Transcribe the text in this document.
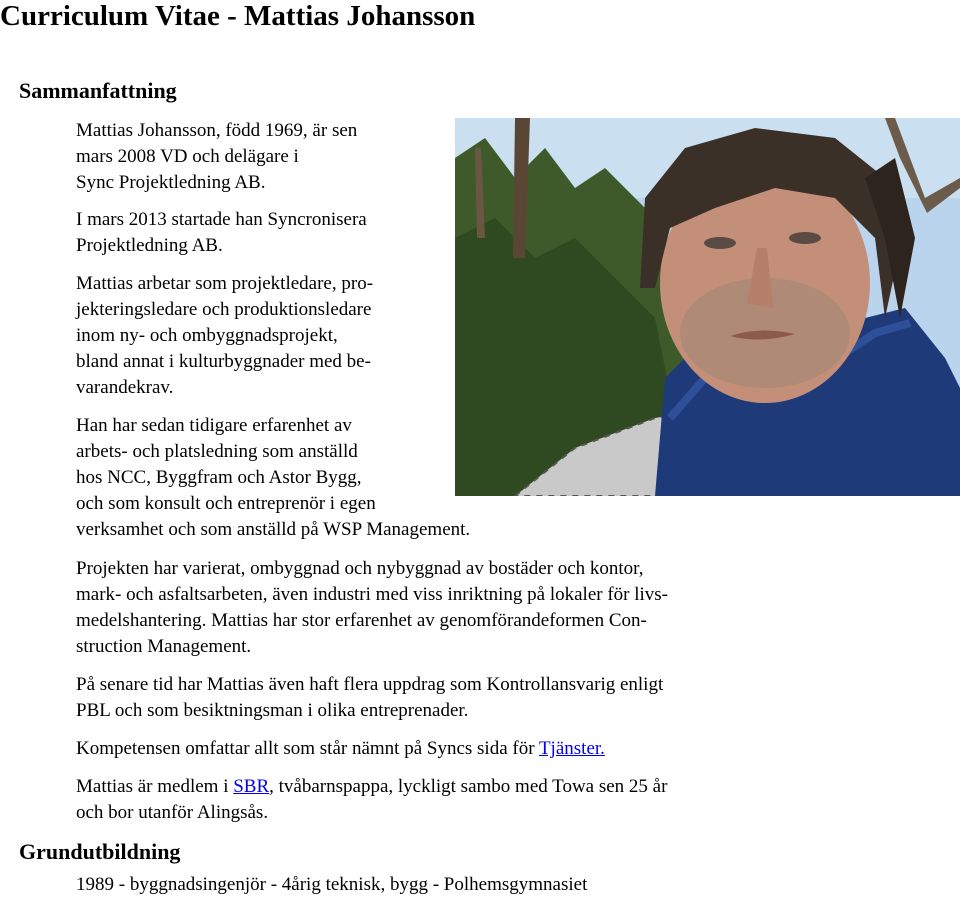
Curriculum Vitae - Mattias Johansson
Sammanfattning

Mattias Johansson, född 1969, är sen

mars 2008 VD och delägare i

Sync Projektledning AB.

I mars 2013 startade han Syncronisera

Projektledning AB.

Mattias arbetar som projektledare, pro-

jekteringsledare och produktionsledare

inom ny- och ombyggnadsprojekt,

bland annat i kulturbyggnader med be-

varandekrav.

Han har sedan tidigare erfarenhet av

arbets- och platsledning som anställd

hos NCC, Byggfram och Astor Bygg,

och som konsult och entreprenör i egen

verksamhet och som anställd på WSP Management.

Projekten har varierat, ombyggnad och nybyggnad av bostäder och kontor,

mark- och asfaltsarbeten, även industri med viss inriktning på lokaler för livs-

medelshantering. Mattias har stor erfarenhet av genomförandeformen Con-

struction Management.

På senare tid har Mattias även haft flera uppdrag som Kontrollansvarig enligt

PBL och som besiktningsman i olika entreprenader.

Kompetensen omfattar allt som står nämnt på Syncs sida för Tjänster.

Mattias är medlem i SBR, tvåbarnspappa, lyckligt sambo med Towa sen 25 år

och bor utanför Alingsås.

Grundutbildning

1989 - byggnadsingenjör - 4årig teknisk, bygg - Polhemsgymnasiet
